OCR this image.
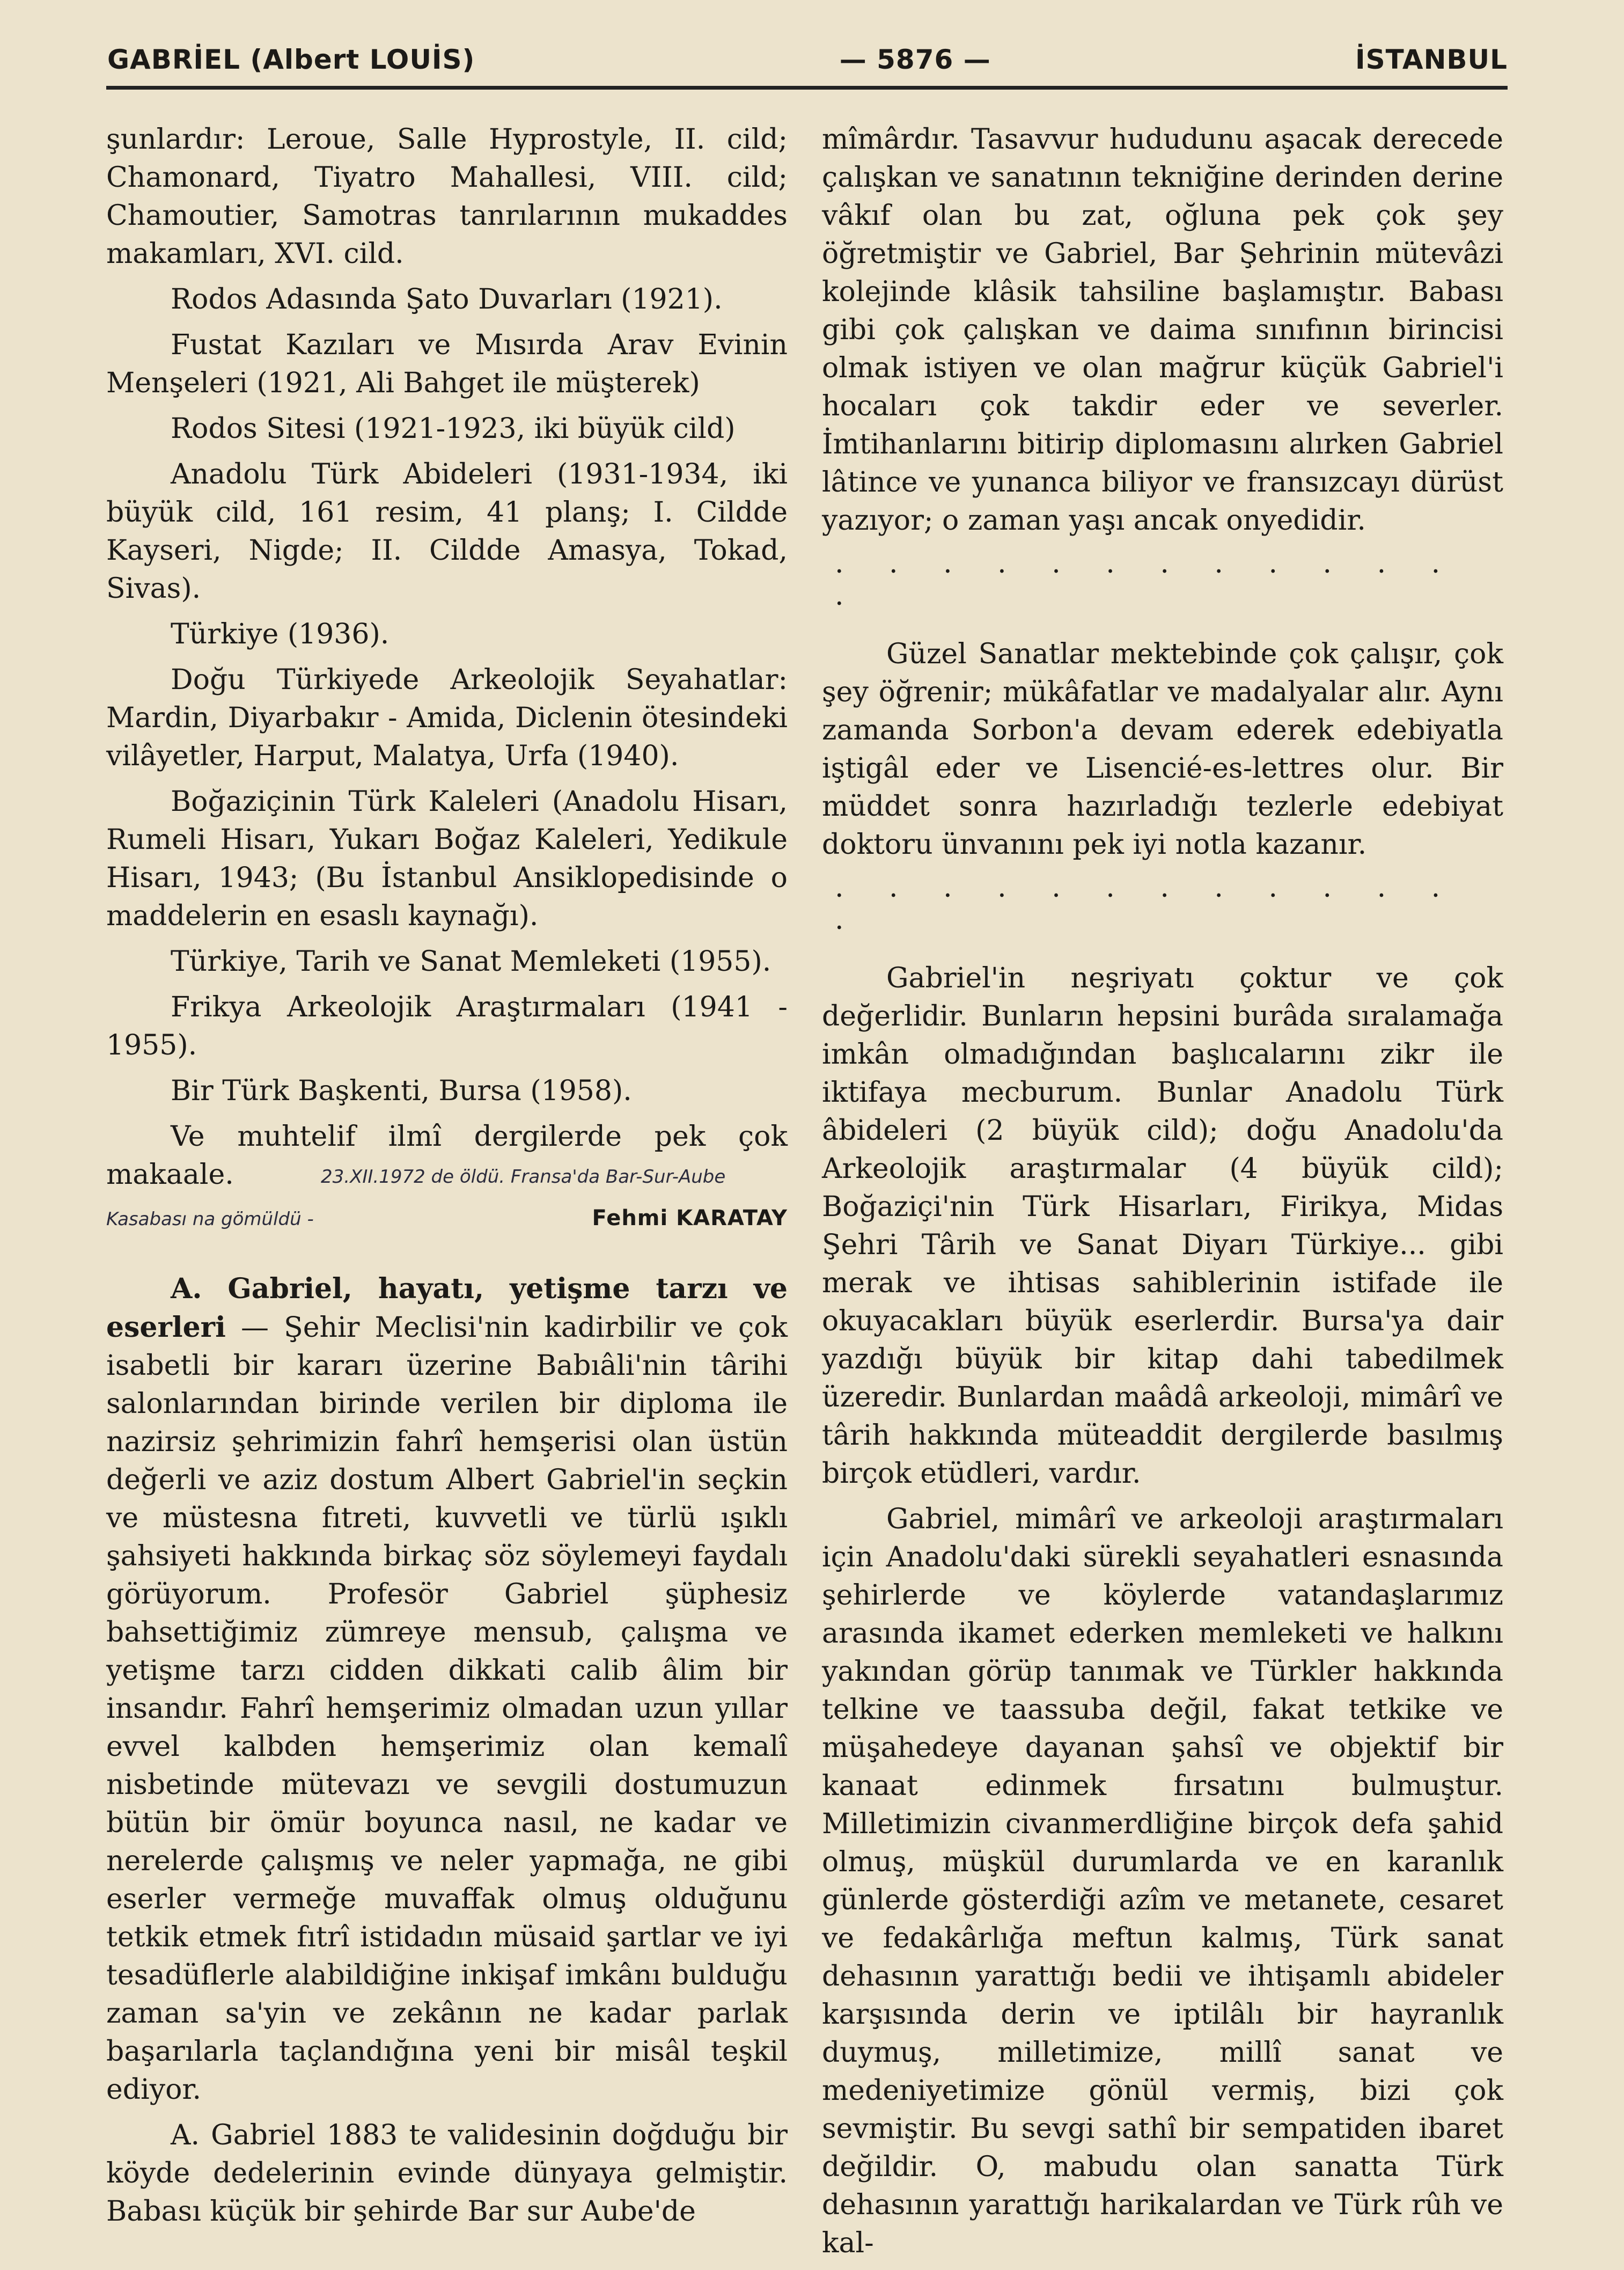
GABRİEL (Albert LOUİS)	— 5876 —	İSTANBUL

şunlardır: Leroue, Salle Hyprostyle, II. cild; Chamonard, Tiyatro Mahallesi, VIII. cild; Chamoutier, Samotras tanrılarının mukaddes makamları, XVI. cild.

Rodos Adasında Şato Duvarları (1921).

Fustat Kazıları ve Mısırda Arav Evinin Menşeleri (1921, Ali Bahget ile müşterek)

Rodos Sitesi (1921-1923, iki büyük cild)

Anadolu Türk Abideleri (1931-1934, iki büyük cild, 161 resim, 41 planş; I. Cildde Kayseri, Nigde; II. Cildde Amasya, Tokad, Sivas).

Türkiye (1936).

Doğu Türkiyede Arkeolojik Seyahatlar: Mardin, Diyarbakır - Amida, Diclenin ötesindeki vilâyetler, Harput, Malatya, Urfa (1940).

Boğaziçinin Türk Kaleleri (Anadolu Hisarı, Rumeli Hisarı, Yukarı Boğaz Kaleleri, Yedikule Hisarı, 1943; (Bu İstanbul Ansiklopedisinde o maddelerin en esaslı kaynağı).

Türkiye, Tarih ve Sanat Memleketi (1955).

Frikya Arkeolojik Araştırmaları (1941 - 1955).

Bir Türk Başkenti, Bursa (1958).

Ve muhtelif ilmî dergilerde pek çok makaale.	23.XII.1972 de öldü. Fransa'da Bar-Sur-Aube

Kasabası na gömüldü -	Fehmi KARATAY

A. Gabriel, hayatı, yetişme tarzı ve eserleri — Şehir Meclisi'nin kadirbilir ve çok isabetli bir kararı üzerine Babıâli'nin târihi salonlarından birinde verilen bir diploma ile nazirsiz şehrimizin fahrî hemşerisi olan üstün değerli ve aziz dostum Albert Gabriel'in seçkin ve müstesna fıtreti, kuvvetli ve türlü ışıklı şahsiyeti hakkında birkaç söz söylemeyi faydalı görüyorum. Profesör Gabriel şüphesiz bahsettiğimiz zümreye mensub, çalışma ve yetişme tarzı cidden dikkati calib âlim bir insandır. Fahrî hemşerimiz olmadan uzun yıllar evvel kalbden hemşerimiz olan kemalî nisbetinde mütevazı ve sevgili dostumuzun bütün bir ömür boyunca nasıl, ne kadar ve nerelerde çalışmış ve neler yapmağa, ne gibi eserler vermeğe muvaffak olmuş olduğunu tetkik etmek fıtrî istidadın müsaid şartlar ve iyi tesadüflerle alabildiğine inkişaf imkânı bulduğu zaman sa'yin ve zekânın ne kadar parlak başarılarla taçlandığına yeni bir misâl teşkil ediyor.

A. Gabriel 1883 te validesinin doğduğu bir köyde dedelerinin evinde dünyaya gelmiştir. Babası küçük bir şehirde Bar sur Aube'de

mîmârdır. Tasavvur hududunu aşacak derecede çalışkan ve sanatının tekniğine derinden derine vâkıf olan bu zat, oğluna pek çok şey öğretmiştir ve Gabriel, Bar Şehrinin mütevâzi kolejinde klâsik tahsiline başlamıştır. Babası gibi çok çalışkan ve daima sınıfının birincisi olmak istiyen ve olan mağrur küçük Gabriel'i hocaları çok takdir eder ve severler. İmtihanlarını bitirip diplomasını alırken Gabriel lâtince ve yunanca biliyor ve fransızcayı dürüst yazıyor; o zaman yaşı ancak onyedidir.

. . . . . . . . . . . . .

Güzel Sanatlar mektebinde çok çalışır, çok şey öğrenir; mükâfatlar ve madalyalar alır. Aynı zamanda Sorbon'a devam ederek edebiyatla iştigâl eder ve Lisencié-es-lettres olur. Bir müddet sonra hazırladığı tezlerle edebiyat doktoru ünvanını pek iyi notla kazanır.

. . . . . . . . . . . . .

Gabriel'in neşriyatı çoktur ve çok değerlidir. Bunların hepsini burâda sıralamağa imkân olmadığından başlıcalarını zikr ile iktifaya mecburum. Bunlar Anadolu Türk âbideleri (2 büyük cild); doğu Anadolu'da Arkeolojik araştırmalar (4 büyük cild); Boğaziçi'nin Türk Hisarları, Firikya, Midas Şehri Târih ve Sanat Diyarı Türkiye... gibi merak ve ihtisas sahiblerinin istifade ile okuyacakları büyük eserlerdir. Bursa'ya dair yazdığı büyük bir kitap dahi tabedilmek üzeredir. Bunlardan maâdâ arkeoloji, mimârî ve târih hakkında müteaddit dergilerde basılmış birçok etüdleri, vardır.

Gabriel, mimârî ve arkeoloji araştırmaları için Anadolu'daki sürekli seyahatleri esnasında şehirlerde ve köylerde vatandaşlarımız arasında ikamet ederken memleketi ve halkını yakından görüp tanımak ve Türkler hakkında telkine ve taassuba değil, fakat tetkike ve müşahedeye dayanan şahsî ve objektif bir kanaat edinmek fırsatını bulmuştur. Milletimizin civanmerdliğine birçok defa şahid olmuş, müşkül durumlarda ve en karanlık günlerde gösterdiği azîm ve metanete, cesaret ve fedakârlığa meftun kalmış, Türk sanat dehasının yarattığı bedii ve ihtişamlı abideler karşısında derin ve iptilâlı bir hayranlık duymuş, milletimize, millî sanat ve medeniyetimize gönül vermiş, bizi çok sevmiştir. Bu sevgi sathî bir sempatiden ibaret değildir. O, mabudu olan sanatta Türk dehasının yarattığı harikalardan ve Türk rûh ve kal-
